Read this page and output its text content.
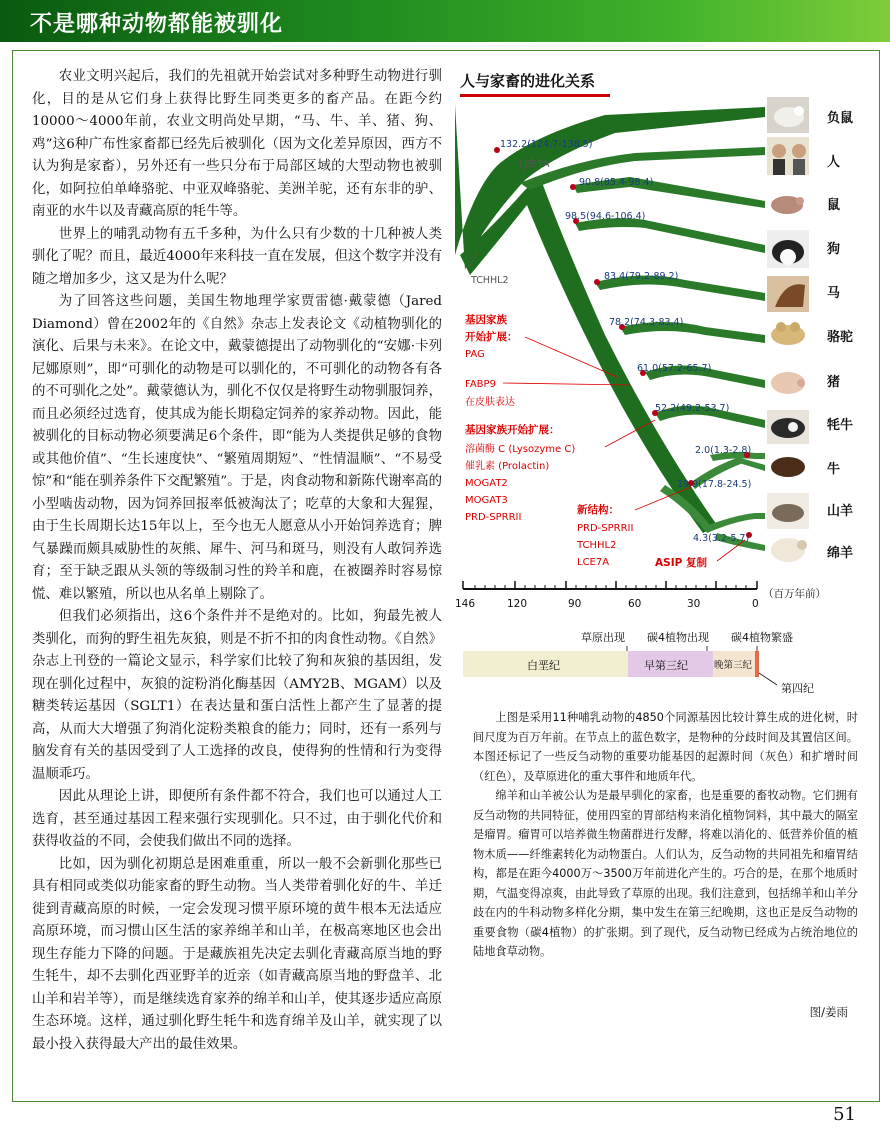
不是哪种动物都能被驯化

农业文明兴起后，我们的先祖就开始尝试对多种野生动物进行驯化，目的是从它们身上获得比野生同类更多的畜产品。在距今约10000～4000年前，农业文明尚处早期，“马、牛、羊、猪、狗、鸡”这6种广布性家畜都已经先后被驯化（因为文化差异原因，西方不认为狗是家畜），另外还有一些只分布于局部区域的大型动物也被驯化，如阿拉伯单峰骆驼、中亚双峰骆驼、美洲羊驼，还有东非的驴、南亚的水牛以及青藏高原的牦牛等。

世界上的哺乳动物有五千多种，为什么只有少数的十几种被人类驯化了呢？而且，最近4000年来科技一直在发展，但这个数字并没有随之增加多少，这又是为什么呢？

为了回答这些问题，美国生物地理学家贾雷德·戴蒙德（Jared Diamond）曾在2002年的《自然》杂志上发表论文《动植物驯化的演化、后果与未来》。在论文中，戴蒙德提出了动物驯化的“安娜·卡列尼娜原则”，即“可驯化的动物是可以驯化的，不可驯化的动物各有各的不可驯化之处”。戴蒙德认为，驯化不仅仅是将野生动物驯服饲养，而且必须经过选育，使其成为能长期稳定饲养的家养动物。因此，能被驯化的目标动物必须要满足6个条件，即“能为人类提供足够的食物或其他价值”、“生长速度快”、“繁殖周期短”、“性情温顺”、“不易受惊”和“能在驯养条件下交配繁殖”。于是，肉食动物和新陈代谢率高的小型啮齿动物，因为饲养回报率低被淘汰了；吃草的大象和大猩猩，由于生长周期长达15年以上，至今也无人愿意从小开始饲养选育；脾气暴躁而颇具威胁性的灰熊、犀牛、河马和斑马，则没有人敢饲养选育；至于缺乏跟从头领的等级制习性的羚羊和鹿，在被圈养时容易惊慌、难以繁殖，所以也从名单上剔除了。

但我们必须指出，这6个条件并不是绝对的。比如，狗最先被人类驯化，而狗的野生祖先灰狼，则是不折不扣的肉食性动物。《自然》杂志上刊登的一篇论文显示，科学家们比较了狗和灰狼的基因组，发现在驯化过程中，灰狼的淀粉消化酶基因（AMY2B、MGAM）以及糖类转运基因（SGLT1）在表达量和蛋白活性上都产生了显著的提高，从而大大增强了狗消化淀粉类粮食的能力；同时，还有一系列与脑发育有关的基因受到了人工选择的改良，使得狗的性情和行为变得温顺乖巧。

因此从理论上讲，即便所有条件都不符合，我们也可以通过人工选育，甚至通过基因工程来强行实现驯化。只不过，由于驯化代价和获得收益的不同，会使我们做出不同的选择。

比如，因为驯化初期总是困难重重，所以一般不会新驯化那些已具有相同或类似功能家畜的野生动物。当人类带着驯化好的牛、羊迁徙到青藏高原的时候，一定会发现习惯平原环境的黄牛根本无法适应高原环境，而习惯山区生活的家养绵羊和山羊，在极高寒地区也会出现生存能力下降的问题。于是藏族祖先决定去驯化青藏高原当地的野生牦牛，却不去驯化西亚野羊的近亲（如青藏高原当地的野盘羊、北山羊和岩羊等），而是继续选育家养的绵羊和山羊，使其逐步适应高原生态环境。这样，通过驯化野生牦牛和选育绵羊及山羊，就实现了以最小投入获得最大产出的最佳效果。

人与家畜的进化关系
132.2(124.7-138.5)
90.8(85.4-98.4)
98.5(94.6-106.4)
83.4(79.2-89.2)
78.2(74.3-83.4)
61.0(57.2-65.7)
52.2(49.2-53.7)
2.0(1.3-2.8)
19.9(17.8-24.5)
4.3(3.2-5.7)
LCE7A
TCHHL2
基因家族
开始扩展：
PAG
FABP9
在皮肤表达
基因家族开始扩展：
溶菌酶 C (Lysozyme C)
催乳素 (Prolactin)
MOGAT2
MOGAT3
PRD-SPRRII
新结构：
PRD-SPRRII
TCHHL2
LCE7A	ASIP 复制
负鼠
人
鼠
狗
马
骆驼
猪
牦牛
牛
山羊
绵羊
146	120	90	60	30	0
（百万年前）
草原出现 碳4植物出现 碳4植物繁盛
白垩纪	早第三纪	晚第三纪
第四纪

上图是采用11种哺乳动物的4850个同源基因比较计算生成的进化树，时间尺度为百万年前。在节点上的蓝色数字，是物种的分歧时间及其置信区间。本图还标记了一些反刍动物的重要功能基因的起源时间（灰色）和扩增时间（红色），及草原进化的重大事件和地质年代。

绵羊和山羊被公认为是最早驯化的家畜，也是重要的畜牧动物。它们拥有反刍动物的共同特征，使用四室的胃部结构来消化植物饲料，其中最大的隔室是瘤胃。瘤胃可以培养微生物菌群进行发酵，将难以消化的、低营养价值的植物木质——纤维素转化为动物蛋白。人们认为，反刍动物的共同祖先和瘤胃结构，都是在距今4000万～3500万年前进化产生的。巧合的是，在那个地质时期，气温变得凉爽，由此导致了草原的出现。我们注意到，包括绵羊和山羊分歧在内的牛科动物多样化分期，集中发生在第三纪晚期，这也正是反刍动物的重要食物（碳4植物）的扩张期。到了现代，反刍动物已经成为占统治地位的陆地食草动物。

图/姜雨
51
